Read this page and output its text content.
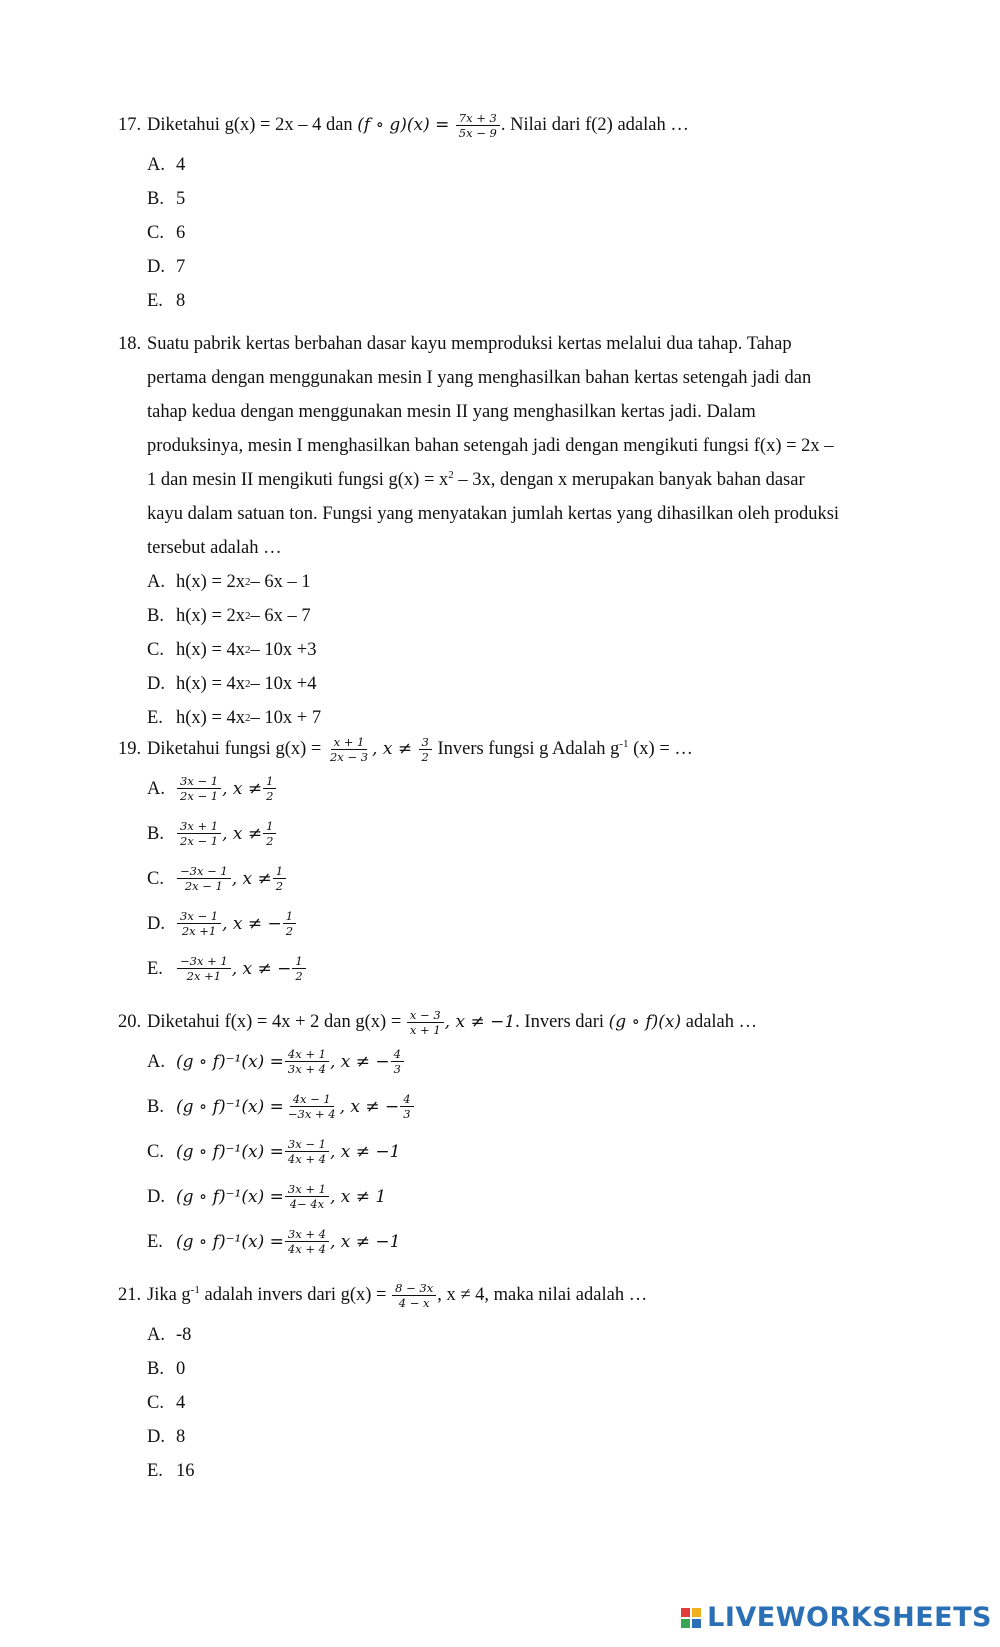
17. Diketahui g(x) = 2x – 4 dan (f ∘ $g)(x) = \frac{7x + 3}{5x - 9}$ . Nilai dari f(2) adalah …
A. 4
B. 5
C. 6
D. 7
E. 8
18. Suatu pabrik kertas berbahan dasar kayu memproduksi kertas melalui dua tahap. Tahap
pertama dengan menggunakan mesin I yang menghasilkan bahan kertas setengah jadi dan
tahap kedua dengan menggunakan mesin II yang menghasilkan kertas jadi. Dalam
produksinya, mesin I menghasilkan bahan setengah jadi dengan mengikuti fungsi f(x) = 2x –
1 dan mesin II mengikuti fungsi $g(x) = x^2 - 3x$, dengan x merupakan banyak bahan dasar
kayu dalam satuan ton. Fungsi yang menyatakan jumlah kertas yang dihasilkan oleh produksi
tersebut adalah …
A. h(x) = 2x 2 – 6x – 1
B. h(x) = 2x 2 – 6x – 7
C. h(x) = 4x 2 – 10x +3
D. h(x) = 4x 2 – 10x +4
E. h(x) = 4x 2 – 10x + 7
19. Diketahui fungsi $g(x) = \frac{x + 1}{2x - 3}$ , $x \ne \frac{3}{2}$ Invers fungsi g Adalah $g^{-1}$ (x) = …
A.	$\frac{3x - 1}{2x - 1}$ , $x \ne \frac{1}{2}$
B.	$\frac{3x + 1}{2x - 1}$ , $x \ne \frac{1}{2}$
C.	$\frac{-3x - 1}{2x - 1}$ , $x \ne \frac{1}{2}$
D.	$\frac{3x - 1}{2x +1}$ , x ≠ − $\frac{1}{2}$
E.	$\frac{-3x + 1}{2x +1}$ , x ≠ − $\frac{1}{2}$
20. Diketahui f(x) = 4x + 2 dan $g(x) = \frac{x - 3}{x + 1}$ , x ≠ −1. Invers dari (g ∘ f)(x) adalah …
A. (g ∘ $f)^{-1}(x) = \frac{4x + 1}{3x + 4}$ , x ≠ − $\frac{4}{3}$
B. (g ∘ $f)^{-1}(x) = \frac{4x - 1}{-3x + 4}$ , x ≠ − $\frac{4}{3}$
C. (g ∘ $f)^{-1}(x) = \frac{3x - 1}{4x + 4}$ , x ≠ −1
D. (g ∘ $f)^{-1}(x) = \frac{3x + 1}{4- 4x}$ , x ≠ 1
E. (g ∘ $f)^{-1}(x) = \frac{3x + 4}{4x + 4}$ , x ≠ −1
21. Jika $g^{-1}$ adalah invers dari $g(x) = \frac{8 - 3x}{4 - x}$ , x ≠ 4, maka nilai adalah …
A. -8
B. 0
C. 4
D. 8
E. 16
LIVEWORKSHEETS
